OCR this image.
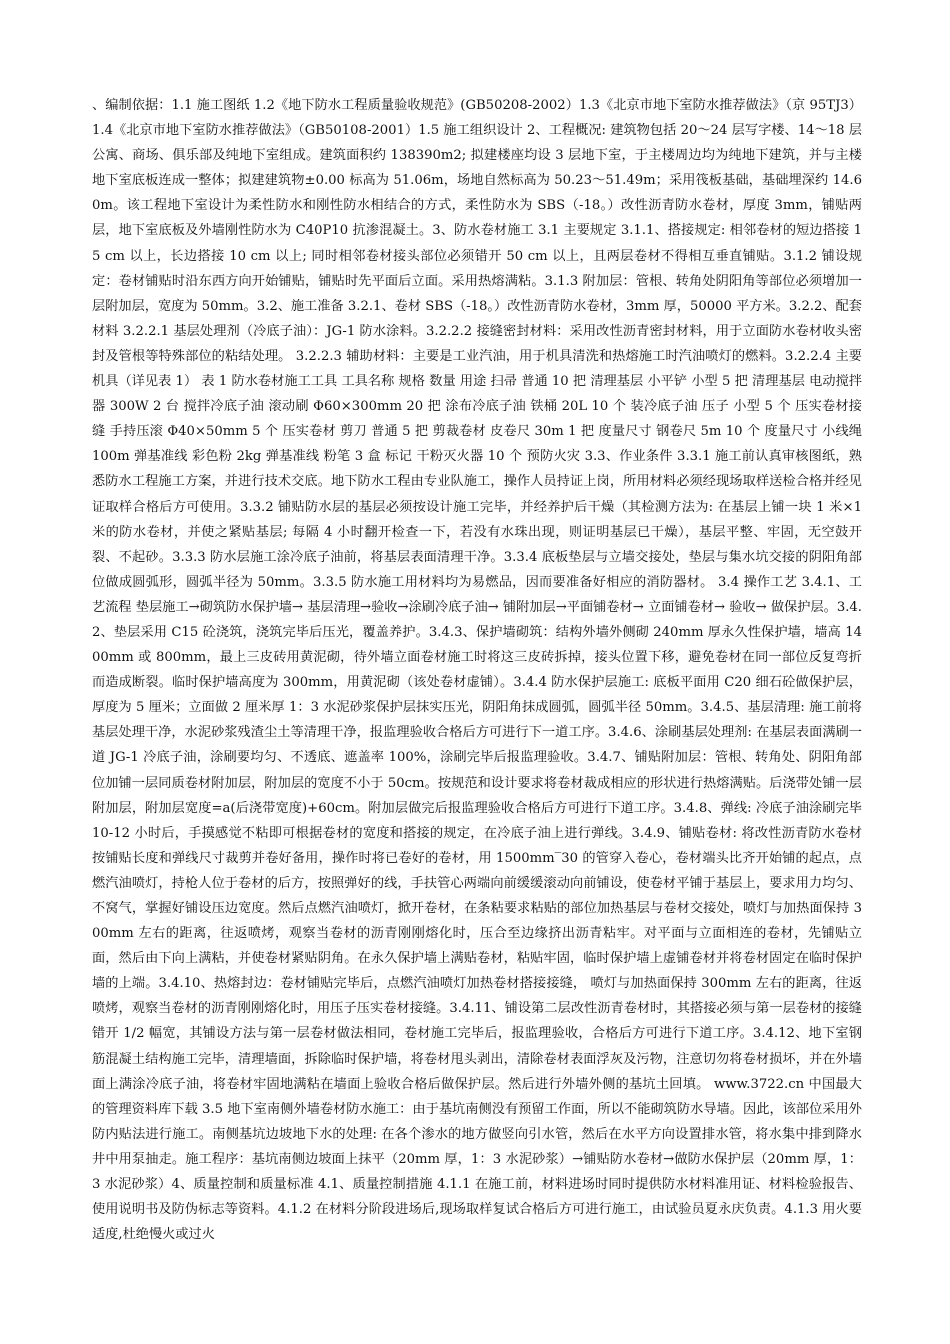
、编制依据：1.1 施工图纸 1.2《地下防水工程质量验收规范》(GB50208-2002）1.3《北京市地下室防水推荐做法》（京 95TJ3）1.4《北京市地下室防水推荐做法》（GB50108-2001）1.5 施工组织设计 2、工程概况: 建筑物包括 20～24 层写字楼、14～18 层公寓、商场、俱乐部及纯地下室组成。建筑面积约 138390m2; 拟建楼座均设 3 层地下室，于主楼周边均为纯地下建筑，并与主楼地下室底板连成一整体；拟建建筑物±0.00 标高为 51.06m，场地自然标高为 50.23～51.49m；采用筏板基础，基础埋深约 14.60m。该工程地下室设计为柔性防水和刚性防水相结合的方式，柔性防水为 SBS（-18。）改性沥青防水卷材，厚度 3mm，铺贴两层，地下室底板及外墙刚性防水为 C40P10 抗渗混凝土。3、防水卷材施工 3.1 主要规定 3.1.1、搭接规定: 相邻卷材的短边搭接 15 cm 以上，长边搭接 10 cm 以上; 同时相邻卷材接头部位必须错开 50 cm 以上，且两层卷材不得相互垂直铺贴。3.1.2 铺设规定：卷材铺贴时沿东西方向开始铺贴，铺贴时先平面后立面。采用热熔满粘。3.1.3 附加层：管根、转角处阴阳角等部位必须增加一层附加层，宽度为 50mm。3.2、施工准备 3.2.1、卷材 SBS（-18。）改性沥青防水卷材，3mm 厚，50000 平方米。3.2.2、配套材料 3.2.2.1 基层处理剂（冷底子油）：JG-1 防水涂料。3.2.2.2 接缝密封材料：采用改性沥青密封材料，用于立面防水卷材收头密封及管根等特殊部位的粘结处理。 3.2.2.3 辅助材料：主要是工业汽油，用于机具清洗和热熔施工时汽油喷灯的燃料。3.2.2.4 主要机具（详见表 1） 表 1 防水卷材施工工具 工具名称 规格 数量 用途 扫帚 普通 10 把 清理基层 小平铲 小型 5 把 清理基层 电动搅拌器 300W 2 台 搅拌冷底子油 滚动刷 Φ60×300mm 20 把 涂布冷底子油 铁桶 20L 10 个 装冷底子油 压子 小型 5 个 压实卷材接缝 手持压滚 Φ40×50mm 5 个 压实卷材 剪刀 普通 5 把 剪裁卷材 皮卷尺 30m 1 把 度量尺寸 钢卷尺 5m 10 个 度量尺寸 小线绳 100m 弹基准线 彩色粉 2kg 弹基准线 粉笔 3 盒 标记 干粉灭火器 10 个 预防火灾 3.3、作业条件 3.3.1 施工前认真审核图纸，熟悉防水工程施工方案，并进行技术交底。地下防水工程由专业队施工，操作人员持证上岗，所用材料必须经现场取样送检合格并经见证取样合格后方可使用。3.3.2 铺贴防水层的基层必须按设计施工完毕，并经养护后干燥（其检测方法为: 在基层上铺一块 1 米×1 米的防水卷材，并使之紧贴基层; 每隔 4 小时翻开检查一下，若没有水珠出现，则证明基层已干燥），基层平整、牢固，无空鼓开裂、不起砂。3.3.3 防水层施工涂冷底子油前，将基层表面清理干净。3.3.4 底板垫层与立墙交接处，垫层与集水坑交接的阴阳角部位做成圆弧形，圆弧半径为 50mm。3.3.5 防水施工用材料均为易燃品，因而要准备好相应的消防器材。 3.4 操作工艺 3.4.1、工艺流程 垫层施工→砌筑防水保护墙→ 基层清理→验收→涂刷冷底子油→ 铺附加层→平面铺卷材→ 立面铺卷材→ 验收→ 做保护层。3.4.2、垫层采用 C15 砼浇筑，浇筑完毕后压光，覆盖养护。3.4.3、保护墙砌筑：结构外墙外侧砌 240mm 厚永久性保护墙，墙高 1400mm 或 800mm，最上三皮砖用黄泥砌，待外墙立面卷材施工时将这三皮砖拆掉，接头位置下移，避免卷材在同一部位反复弯折而造成断裂。临时保护墙高度为 300mm，用黄泥砌（该处卷材虚铺）。3.4.4 防水保护层施工: 底板平面用 C20 细石砼做保护层，厚度为 5 厘米；立面做 2 厘米厚 1：3 水泥砂浆保护层抹实压光，阴阳角抹成圆弧，圆弧半径 50mm。3.4.5、基层清理: 施工前将基层处理干净，水泥砂浆残渣尘土等清理干净，报监理验收合格后方可进行下一道工序。3.4.6、涂刷基层处理剂: 在基层表面满刷一道 JG-1 冷底子油，涂刷要均匀、不透底、遮盖率 100%，涂刷完毕后报监理验收。3.4.7、铺贴附加层：管根、转角处、阴阳角部位加铺一层同质卷材附加层，附加层的宽度不小于 50cm。按规范和设计要求将卷材裁成相应的形状进行热熔满贴。后浇带处铺一层附加层，附加层宽度=a(后浇带宽度)+60cm。附加层做完后报监理验收合格后方可进行下道工序。3.4.8、弹线: 冷底子油涂刷完毕 10-12 小时后，手摸感觉不粘即可根据卷材的宽度和搭接的规定，在冷底子油上进行弹线。3.4.9、铺贴卷材: 将改性沥青防水卷材按铺贴长度和弹线尺寸裁剪并卷好备用，操作时将已卷好的卷材，用 1500mm‾30 的管穿入卷心，卷材端头比齐开始铺的起点，点燃汽油喷灯，持枪人位于卷材的后方，按照弹好的线，手扶管心两端向前缓缓滚动向前铺设，使卷材平铺于基层上，要求用力均匀、不窝气，掌握好铺设压边宽度。然后点燃汽油喷灯，掀开卷材，在条粘要求粘贴的部位加热基层与卷材交接处，喷灯与加热面保持 300mm 左右的距离，往返喷烤，观察当卷材的沥青刚刚熔化时，压合至边缘挤出沥青粘牢。对平面与立面相连的卷材，先铺贴立面，然后由下向上满粘，并使卷材紧贴阴角。在永久保护墙上满贴卷材，粘贴牢固，临时保护墙上虚铺卷材并将卷材固定在临时保护墙的上端。3.4.10、热熔封边：卷材铺贴完毕后，点燃汽油喷灯加热卷材搭接接缝， 喷灯与加热面保持 300mm 左右的距离，往返喷烤，观察当卷材的沥青刚刚熔化时，用压子压实卷材接缝。3.4.11、铺设第二层改性沥青卷材时，其搭接必须与第一层卷材的接缝错开 1/2 幅宽，其铺设方法与第一层卷材做法相同，卷材施工完毕后，报监理验收，合格后方可进行下道工序。3.4.12、地下室钢筋混凝土结构施工完毕，清理墙面，拆除临时保护墙，将卷材甩头剥出，清除卷材表面浮灰及污物，注意切勿将卷材损坏，并在外墙面上满涂冷底子油，将卷材牢固地满粘在墙面上验收合格后做保护层。然后进行外墙外侧的基坑土回填。 www.3722.cn 中国最大的管理资料库下载 3.5 地下室南侧外墙卷材防水施工：由于基坑南侧没有预留工作面，所以不能砌筑防水导墙。因此，该部位采用外防内贴法进行施工。南侧基坑边坡地下水的处理: 在各个渗水的地方做竖向引水管，然后在水平方向设置排水管，将水集中排到降水井中用泵抽走。施工程序：基坑南侧边坡面上抹平（20mm 厚，1：3 水泥砂浆）→铺贴防水卷材→做防水保护层（20mm 厚，1：3 水泥砂浆）4、质量控制和质量标准 4.1、质量控制措施 4.1.1 在施工前，材料进场时同时提供防水材料准用证、材料检验报告、使用说明书及防伪标志等资料。4.1.2 在材料分阶段进场后,现场取样复试合格后方可进行施工，由试验员夏永庆负责。4.1.3 用火要适度,杜绝慢火或过火
